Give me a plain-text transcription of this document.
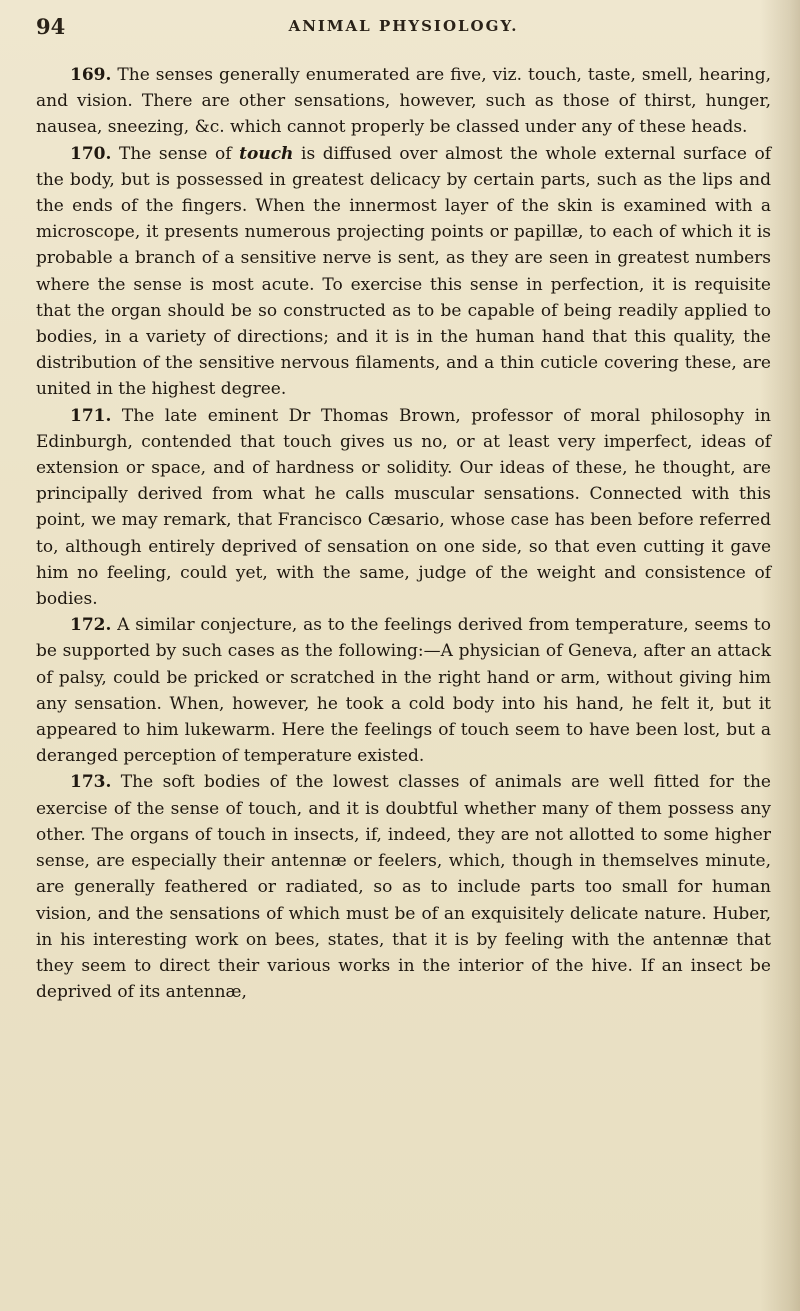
94	ANIMAL PHYSIOLOGY.

169. The senses generally enumerated are five, viz. touch, taste, smell, hearing, and vision. There are other sensations, however, such as those of thirst, hunger, nausea, sneezing, &c. which cannot properly be classed under any of these heads.

170. The sense of touch is diffused over almost the whole external surface of the body, but is possessed in greatest delicacy by certain parts, such as the lips and the ends of the fingers. When the innermost layer of the skin is examined with a microscope, it presents numerous projecting points or papillæ, to each of which it is probable a branch of a sensitive nerve is sent, as they are seen in greatest numbers where the sense is most acute. To exercise this sense in perfection, it is requisite that the organ should be so constructed as to be capable of being readily applied to bodies, in a variety of directions; and it is in the human hand that this quality, the distribution of the sensitive nervous filaments, and a thin cuticle covering these, are united in the highest degree.

171. The late eminent Dr Thomas Brown, professor of moral philosophy in Edinburgh, contended that touch gives us no, or at least very imperfect, ideas of extension or space, and of hardness or solidity. Our ideas of these, he thought, are principally derived from what he calls muscular sensations. Connected with this point, we may remark, that Francisco Cæsario, whose case has been before referred to, although entirely deprived of sensation on one side, so that even cutting it gave him no feeling, could yet, with the same, judge of the weight and consistence of bodies.

172. A similar conjecture, as to the feelings derived from temperature, seems to be supported by such cases as the following:—A physician of Geneva, after an attack of palsy, could be pricked or scratched in the right hand or arm, without giving him any sensation. When, however, he took a cold body into his hand, he felt it, but it appeared to him lukewarm. Here the feelings of touch seem to have been lost, but a deranged perception of temperature existed.

173. The soft bodies of the lowest classes of animals are well fitted for the exercise of the sense of touch, and it is doubtful whether many of them possess any other. The organs of touch in insects, if, indeed, they are not allotted to some higher sense, are especially their antennæ or feelers, which, though in themselves minute, are generally feathered or radiated, so as to include parts too small for human vision, and the sensations of which must be of an exquisitely delicate nature. Huber, in his interesting work on bees, states, that it is by feeling with the antennæ that they seem to direct their various works in the interior of the hive. If an insect be deprived of its antennæ,
